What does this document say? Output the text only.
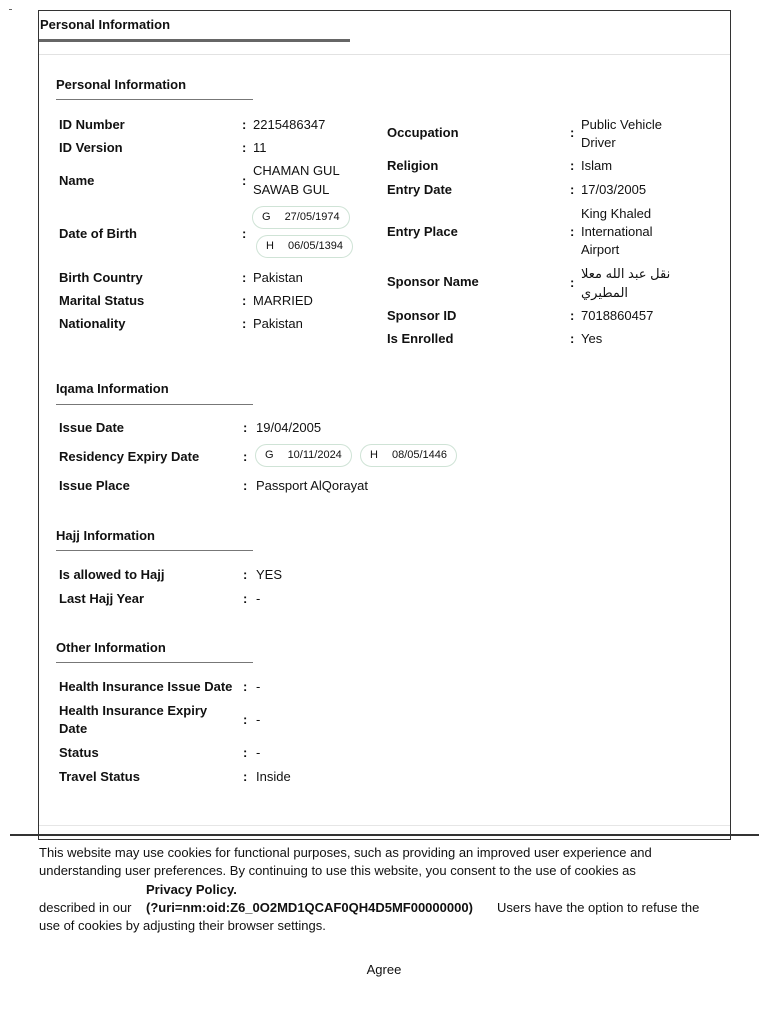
Personal Information
Personal Information
ID Number
ID Version
Name
Date of Birth
Birth Country
Marital Status
Nationality
:
:
:
:
:
:
:
2215486347
11
CHAMAN GUL
SAWAB GUL
G 27/05/1974
H 06/05/1394
Pakistan
MARRIED
Pakistan
Occupation
Religion
Entry Date
Entry Place
Sponsor Name
Sponsor ID
Is Enrolled
:
:
:
:
:
:
:
Public Vehicle
Driver
Islam
17/03/2005
King Khaled
International
Airport
نقل عبد الله معلا
المطيري
7018860457
Yes
Iqama Information
Issue Date
Residency Expiry Date
Issue Place
:
:
:
19/04/2005
G 10/11/2024	H 08/05/1446
Passport AlQorayat
Hajj Information
Is allowed to Hajj
Last Hajj Year
:
:
YES
-
Other Information
Health Insurance Issue Date
Health Insurance Expiry
Date
Status
Travel Status
:
:
:
:
-
-
-
Inside
This website may use cookies for functional purposes, such as providing an improved user experience and
understanding user preferences. By continuing to use this website, you consent to the use of cookies as
Privacy Policy.
described in our (?uri=nm:oid:Z6_0O2MD1QCAF0QH4D5MF00000000) Users have the option to refuse the
use of cookies by adjusting their browser settings.
Agree
